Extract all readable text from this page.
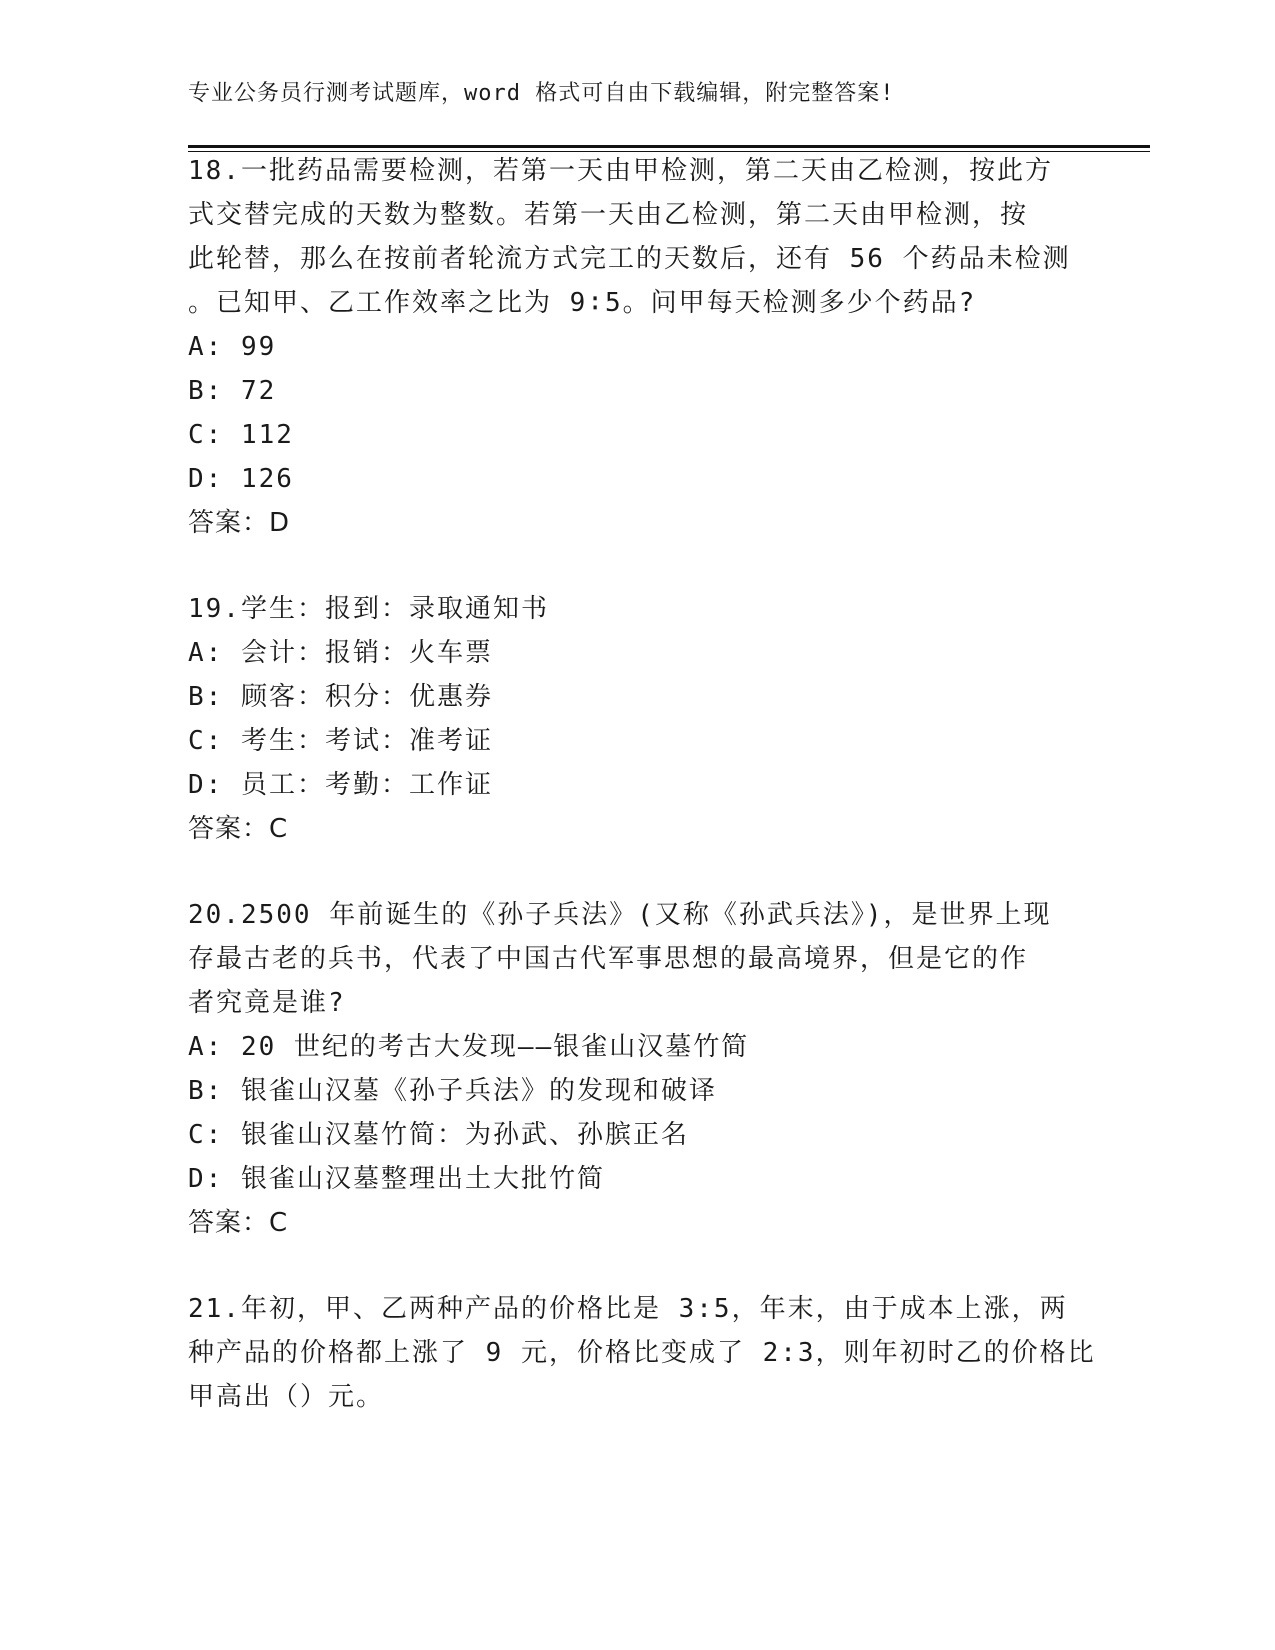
专业公务员行测考试题库，word 格式可自由下载编辑，附完整答案!
18.一批药品需要检测，若第一天由甲检测，第二天由乙检测，按此方
式交替完成的天数为整数。若第一天由乙检测，第二天由甲检测，按
此轮替，那么在按前者轮流方式完工的天数后，还有 56 个药品未检测
。已知甲、乙工作效率之比为 9∶5。问甲每天检测多少个药品?
A: 99
B: 72
C: 112
D: 126
答案：D
19.学生：报到：录取通知书
A: 会计：报销：火车票
B: 顾客：积分：优惠券
C: 考生：考试：准考证
D: 员工：考勤：工作证
答案：C
20.2500 年前诞生的《孙子兵法》(又称《孙武兵法》)，是世界上现
存最古老的兵书，代表了中国古代军事思想的最高境界，但是它的作
者究竟是谁?
A: 20 世纪的考古大发现——银雀山汉墓竹简
B: 银雀山汉墓《孙子兵法》的发现和破译
C: 银雀山汉墓竹简：为孙武、孙膑正名
D: 银雀山汉墓整理出土大批竹简
答案：C
21.年初，甲、乙两种产品的价格比是 3:5，年末，由于成本上涨，两
种产品的价格都上涨了 9 元，价格比变成了 2:3，则年初时乙的价格比
甲高出（）元。
